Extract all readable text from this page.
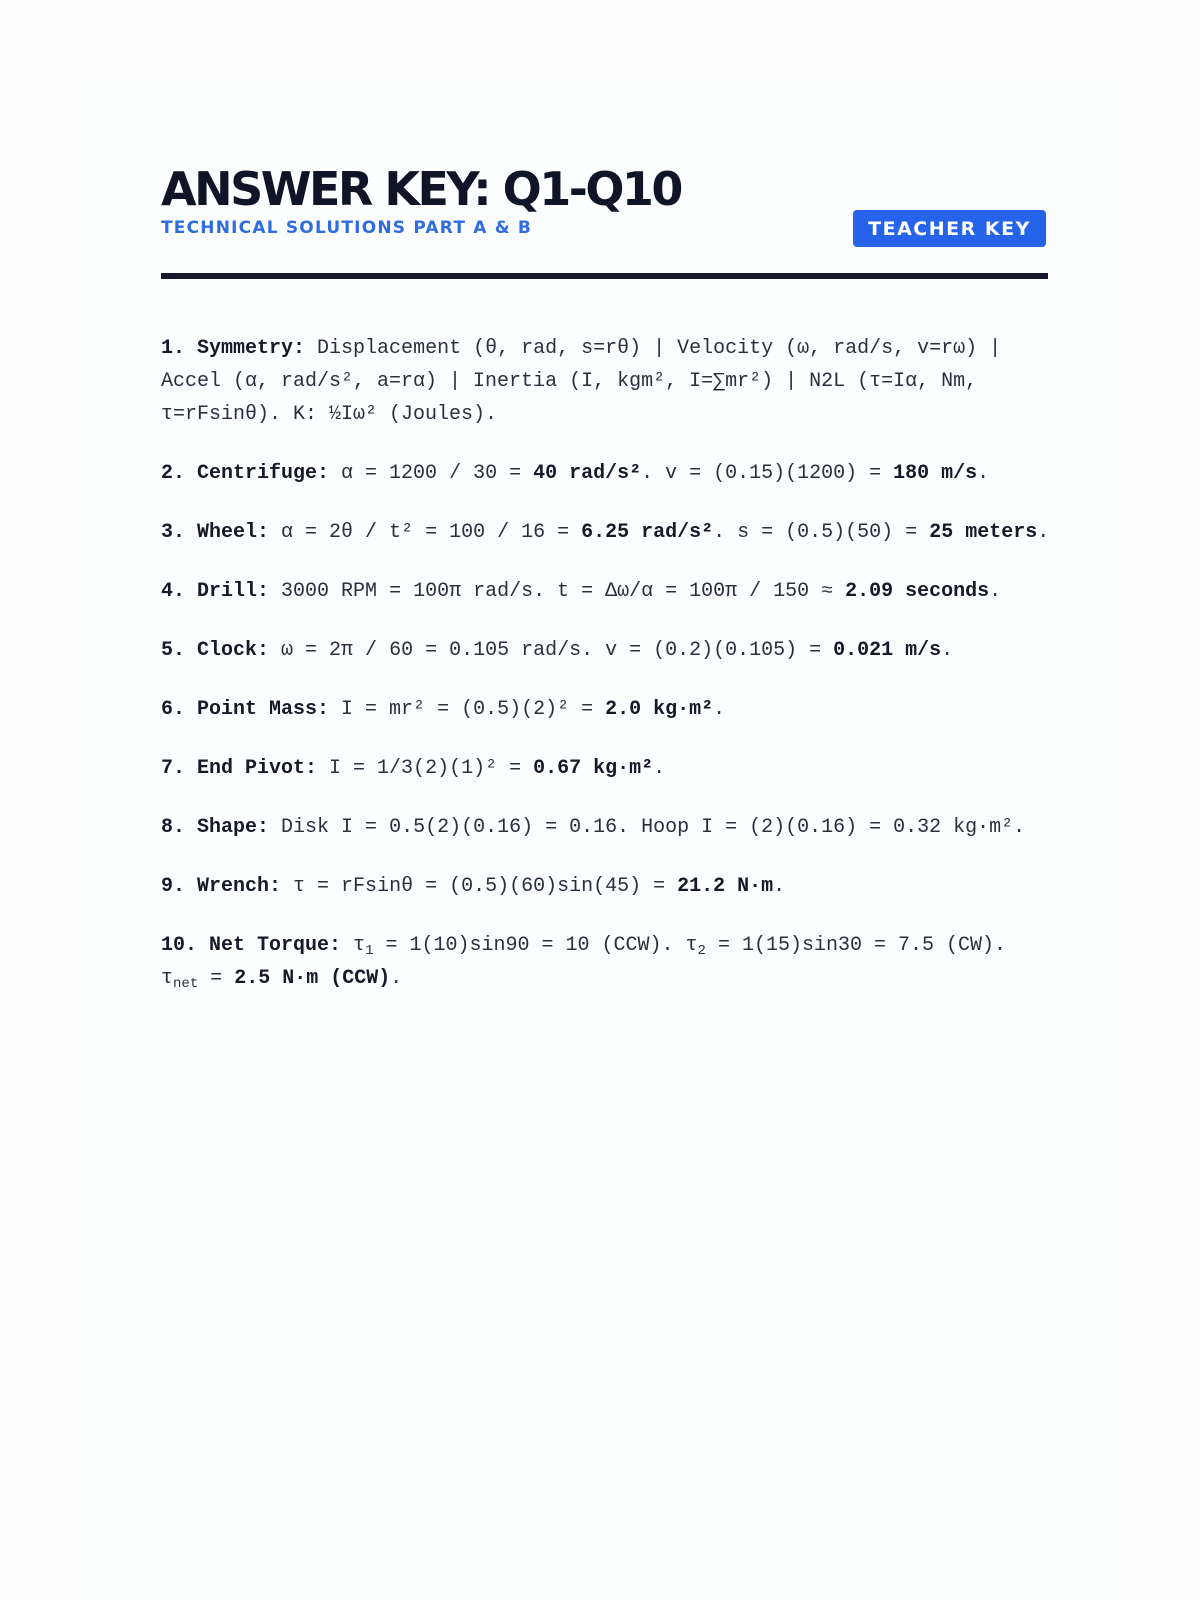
ANSWER KEY: Q1-Q10
TECHNICAL SOLUTIONS PART A & B	TEACHER KEY

1. Symmetry: Displacement (θ, rad, s=rθ) | Velocity (ω, rad/s, v=rω) | Accel (α, rad/s², a=rα) | Inertia (I, kgm², I=∑mr²) | N2L (τ=Iα, Nm, τ=rFsinθ). K: ½Iω² (Joules).

2. Centrifuge: α = 1200 / 30 = 40 rad/s². v = (0.15)(1200) = 180 m/s.

3. Wheel: α = 2θ / t² = 100 / 16 = 6.25 rad/s². s = (0.5)(50) = 25 meters.

4. Drill: 3000 RPM = 100π rad/s. t = Δω/α = 100π / 150 ≈ 2.09 seconds.

5. Clock: ω = 2π / 60 = 0.105 rad/s. v = (0.2)(0.105) = 0.021 m/s.

6. Point Mass: I = mr² = (0.5)(2)² = 2.0 kg·m².

7. End Pivot: I = 1/3(2)(1)² = 0.67 kg·m².

8. Shape: Disk I = 0.5(2)(0.16) = 0.16. Hoop I = (2)(0.16) = 0.32 kg·m².

9. Wrench: τ = rFsinθ = (0.5)(60)sin(45) = 21.2 N·m.

10. Net Torque: $\tau_1 = 1(10)\sin 90 = 10$ (CCW). $\tau_2 = 1(15)\sin 30 = 7.5$ (CW). $\tau_{net} = 2.5$ N·m (CCW).
